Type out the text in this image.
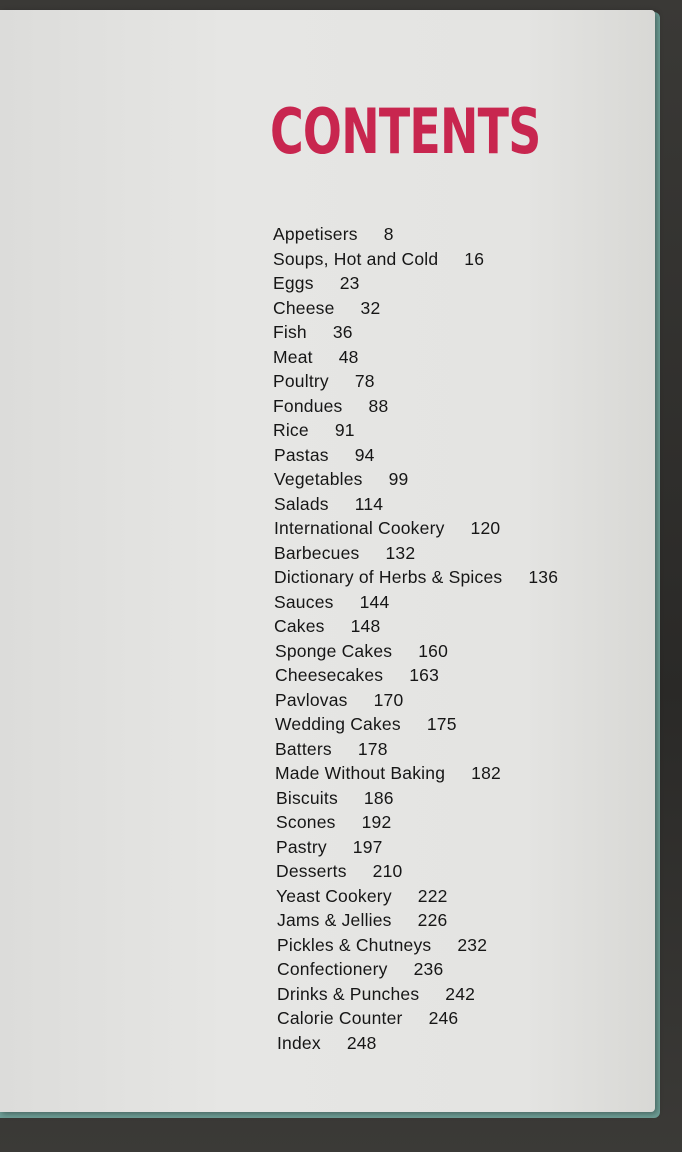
CONTENTS
Appetisers 8
Soups, Hot and Cold 16
Eggs 23
Cheese 32
Fish 36
Meat 48
Poultry 78
Fondues 88
Rice 91
Pastas 94
Vegetables 99
Salads 114
International Cookery 120
Barbecues 132
Dictionary of Herbs & Spices 136
Sauces 144
Cakes 148
Sponge Cakes 160
Cheesecakes 163
Pavlovas 170
Wedding Cakes 175
Batters 178
Made Without Baking 182
Biscuits 186
Scones 192
Pastry 197
Desserts 210
Yeast Cookery 222
Jams & Jellies 226
Pickles & Chutneys 232
Confectionery 236
Drinks & Punches 242
Calorie Counter 246
Index 248
